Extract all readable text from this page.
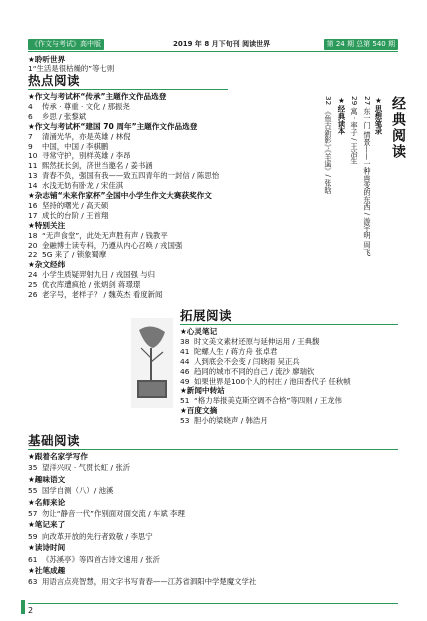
《作文与考试》高中版	2019 年 8 月下旬刊 阅读世界	第 24 期 总第 540 期
★聆听世界
1“生活是很枯燥的”等七则
热点阅读
★作文与考试杯“传承”主题作文作品选登
4 传承 · 尊重 · 文化 / 那振尧
6 乡思 / 张黎斌
★作文与考试杯“建国 70 周年”主题作文作品选登
7 清涌光华，亦是英雄 / 林倪
9 中国，中国 / 李棋鹏
10 寻常守护，别样英雄 / 李昂
11 熙然抚长剑，济世当邀名 / 姜书涵
13 青春不负，强国有我——致五四青年的一封信 / 陈思怡
14 水浅无妨有卧龙 / 宋佳淇
★杂志铺“未来作家杯”全国中小学生作文大赛获奖作文
16 坚持的曙光 / 高天硕
17 成长的台阶 / 王首翔
★特别关注
18 “无声食堂”，此处无声胜有声 / 钱教平
20 金融博士读专科，乃遵从内心召唤 / 戎国强
22 5G 来了 / 锁象蜀摩
★杂文经纬
24 小学生质疑羿射九日 / 戎国强 与归
25 优衣库遭疯抢 / 张炳剑 蒋璟璟
26 老字号，老样子？ / 魏英杰 看度新闻
经典阅读
★思想笔录
27 东一门 情景——一种兽变的东西 / 游宇明 周飞
29 寓 · 率子 / 王冶生
★经典读本
32 《鱼古新影》·《羊遥》/ 张晗
拓展阅读
★心灵笔记
38 时文美文素材还原与延伸运用 / 王典馥
41 陀螺人生 / 蒋方舟 张卓君
44 人到底会不会变 / 闫晓雨 吴正兵
46 趋同的城市不同的自己 / 流沙 廖瑞钦
49 如果世界是100个人的村庄 / 池田香代子 任秋帧
★新闻中转站
51 “格力举报美克斯空调不合格”等四则 / 王龙伟
★百度文摘
53 胆小的梁晓声 / 韩浩月
基础阅读
★跟着名家学写作
35 望洋兴叹 · 气贯长虹 / 张沂
★趣味语文
55 国学自测（八）/ 池溪
★名师来论
57 勿让“静音一代”作别面对面交流 / 车斌 李理
★笔记来了
59 向改革开放的先行者致敬 / 李思宁
★读诗时间
61 《苏溪亭》等四首古诗文速用 / 张沂
★社笔成趣
63 用语言点亮智慧，用文字书写青春——江苏省泗阳中学楚魔文学社
2
